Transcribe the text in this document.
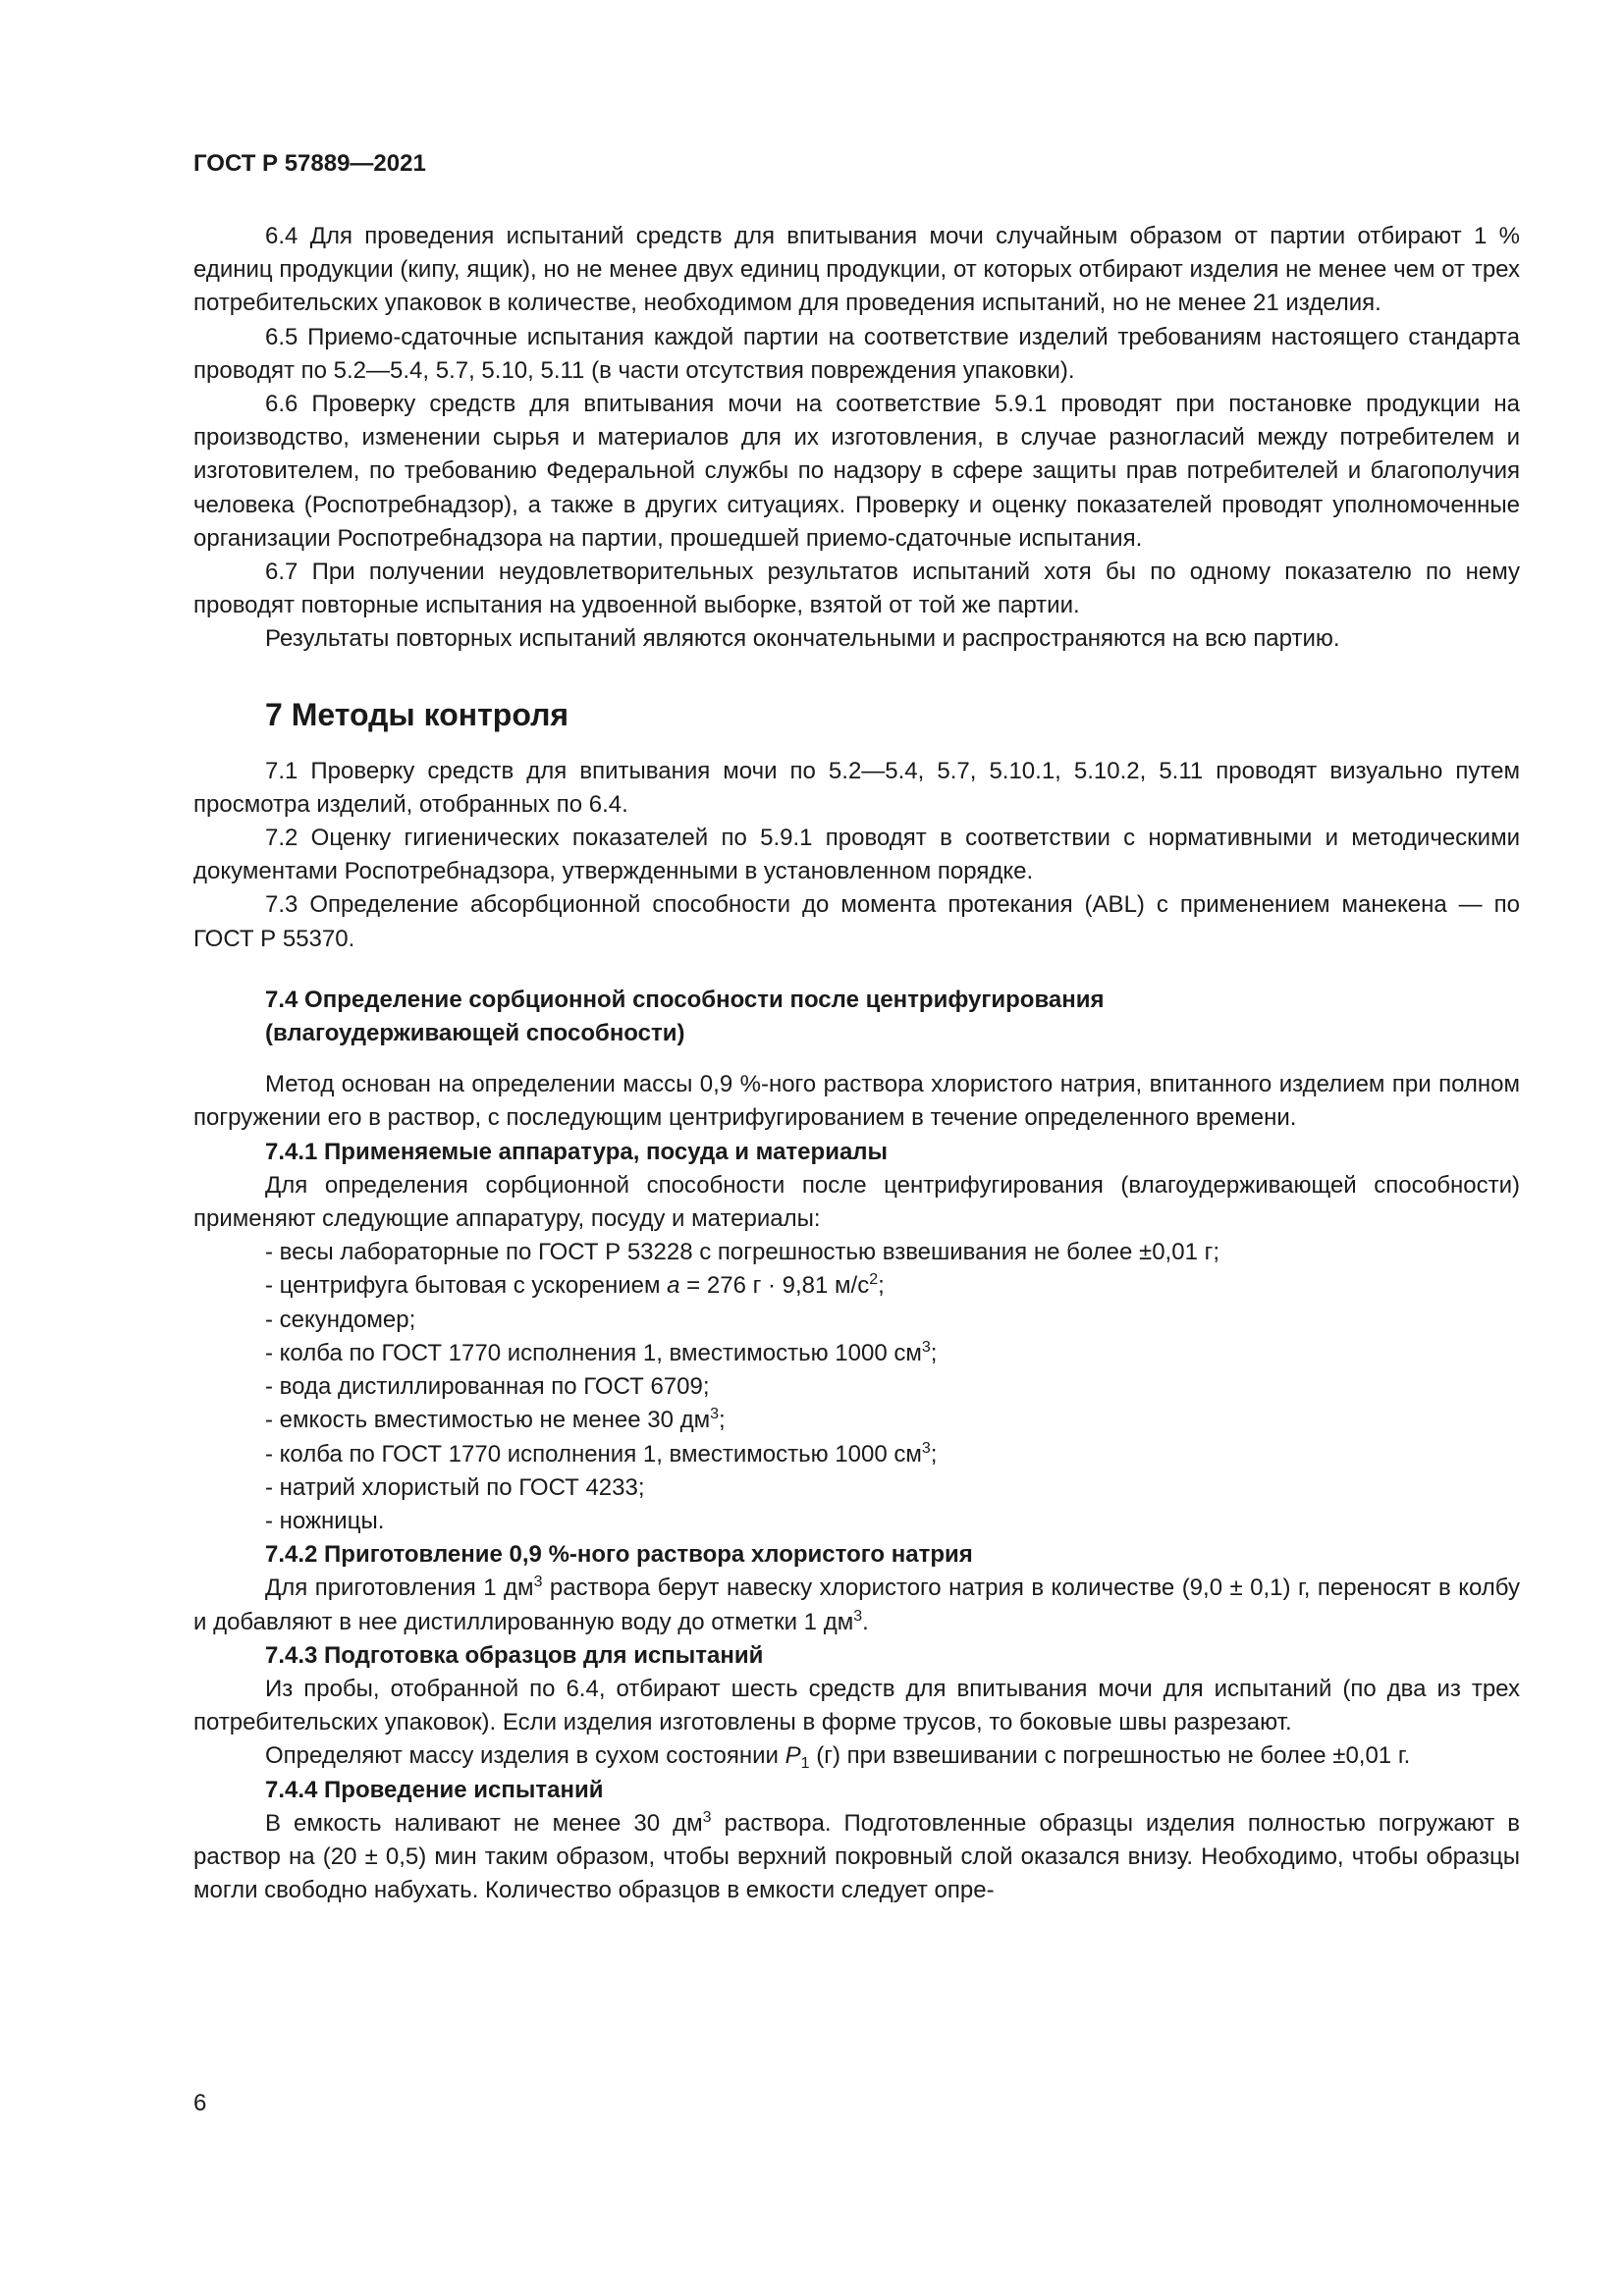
ГОСТ Р 57889—2021

6.4 Для проведения испытаний средств для впитывания мочи случайным образом от партии отбирают 1 % единиц продукции (кипу, ящик), но не менее двух единиц продукции, от которых отбирают изделия не менее чем от трех потребительских упаковок в количестве, необходимом для проведения испытаний, но не менее 21 изделия.

6.5 Приемо-сдаточные испытания каждой партии на соответствие изделий требованиям настоящего стандарта проводят по 5.2—5.4, 5.7, 5.10, 5.11 (в части отсутствия повреждения упаковки).

6.6 Проверку средств для впитывания мочи на соответствие 5.9.1 проводят при постановке продукции на производство, изменении сырья и материалов для их изготовления, в случае разногласий между потребителем и изготовителем, по требованию Федеральной службы по надзору в сфере защиты прав потребителей и благополучия человека (Роспотребнадзор), а также в других ситуациях. Проверку и оценку показателей проводят уполномоченные организации Роспотребнадзора на партии, прошедшей приемо-сдаточные испытания.

6.7 При получении неудовлетворительных результатов испытаний хотя бы по одному показателю по нему проводят повторные испытания на удвоенной выборке, взятой от той же партии.

Результаты повторных испытаний являются окончательными и распространяются на всю партию.

7 Методы контроля

7.1 Проверку средств для впитывания мочи по 5.2—5.4, 5.7, 5.10.1, 5.10.2, 5.11 проводят визуально путем просмотра изделий, отобранных по 6.4.

7.2 Оценку гигиенических показателей по 5.9.1 проводят в соответствии с нормативными и методическими документами Роспотребнадзора, утвержденными в установленном порядке.

7.3 Определение абсорбционной способности до момента протекания (ABL) с применением манекена — по ГОСТ Р 55370.

7.4 Определение сорбционной способности после центрифугирования
(влагоудерживающей способности)

Метод основан на определении массы 0,9 %-ного раствора хлористого натрия, впитанного изделием при полном погружении его в раствор, с последующим центрифугированием в течение определенного времени.

7.4.1 Применяемые аппаратура, посуда и материалы

Для определения сорбционной способности после центрифугирования (влагоудерживающей способности) применяют следующие аппаратуру, посуду и материалы:

- весы лабораторные по ГОСТ Р 53228 с погрешностью взвешивания не более ±0,01 г;
- центрифуга бытовая с ускорением а = 276 г · 9,81 $м/с^2$;
- секундомер;
- колба по ГОСТ 1770 исполнения 1, вместимостью 1000 $см^3$;
- вода дистиллированная по ГОСТ 6709;
- емкость вместимостью не менее 30 $дм^3$;
- колба по ГОСТ 1770 исполнения 1, вместимостью 1000 $см^3$;
- натрий хлористый по ГОСТ 4233;
- ножницы.
7.4.2 Приготовление 0,9 %-ного раствора хлористого натрия

Для приготовления 1 $дм^3$ раствора берут навеску хлористого натрия в количестве (9,0 ± 0,1) г, переносят в колбу и добавляют в нее дистиллированную воду до отметки 1 $дм^3$.

7.4.3 Подготовка образцов для испытаний

Из пробы, отобранной по 6.4, отбирают шесть средств для впитывания мочи для испытаний (по два из трех потребительских упаковок). Если изделия изготовлены в форме трусов, то боковые швы разрезают.

Определяют массу изделия в сухом состоянии $P_1$ (г) при взвешивании с погрешностью не более ±0,01 г.

7.4.4 Проведение испытаний

В емкость наливают не менее 30 $дм^3$ раствора. Подготовленные образцы изделия полностью погружают в раствор на (20 ± 0,5) мин таким образом, чтобы верхний покровный слой оказался внизу. Необходимо, чтобы образцы могли свободно набухать. Количество образцов в емкости следует опре-

6
